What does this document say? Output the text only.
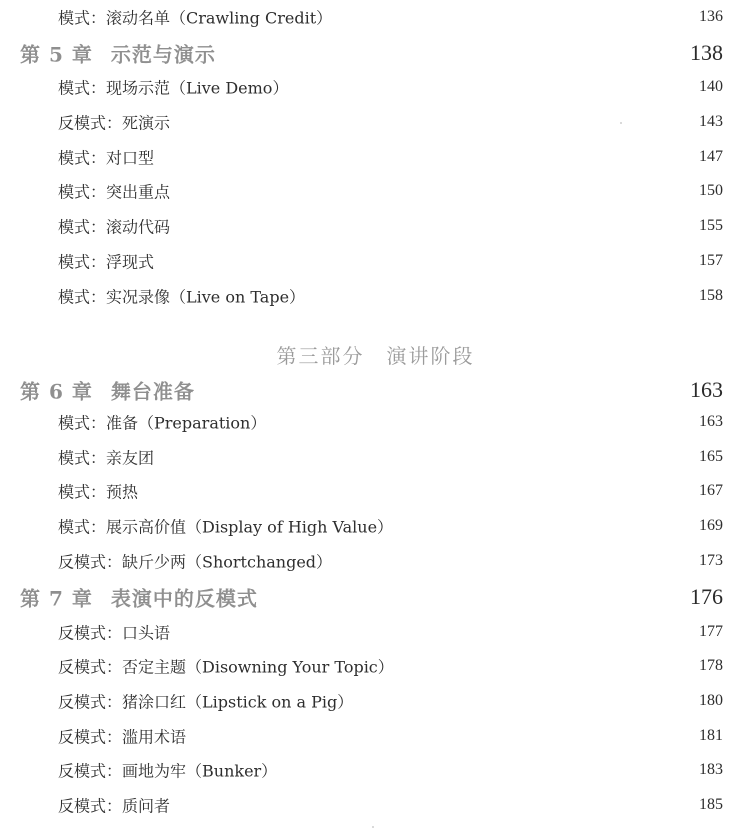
模式：滚动名单（Crawling Credit）	136
第 5 章 示范与演示	138
模式：现场示范（Live Demo）	140
反模式：死演示	143
模式：对口型	147
模式：突出重点	150
模式：滚动代码	155
模式：浮现式	157
模式：实况录像（Live on Tape）	158
第三部分 演讲阶段
第 6 章 舞台准备	163
模式：准备（Preparation）	163
模式：亲友团	165
模式：预热	167
模式：展示高价值（Display of High Value）	169
反模式：缺斤少两（Shortchanged）	173
第 7 章 表演中的反模式	176
反模式：口头语	177
反模式：否定主题（Disowning Your Topic）	178
反模式：猪涂口红（Lipstick on a Pig）	180
反模式：滥用术语	181
反模式：画地为牢（Bunker）	183
反模式：质问者	185
